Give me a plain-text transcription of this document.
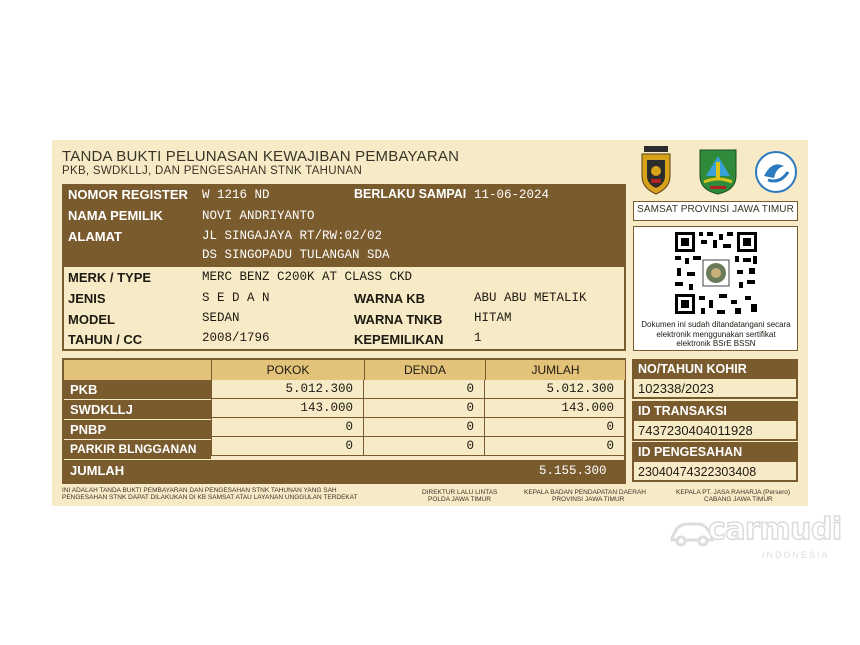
TANDA BUKTI PELUNASAN KEWAJIBAN PEMBAYARAN
PKB, SWDKLLJ, DAN PENGESAHAN STNK TAHUNAN
NOMOR REGISTER W 1216 ND	BERLAKU SAMPAI 11-06-2024
NAMA PEMILIK	NOVI ANDRIYANTO
ALAMAT	JL SINGAJAYA RT/RW:02/02
DS SINGOPADU TULANGAN SDA
MERK / TYPE	MERC BENZ C200K AT CLASS CKD
JENIS	S E D A N	WARNA KB	ABU ABU METALIK
MODEL	SEDAN	WARNA TNKB	HITAM
TAHUN / CC	2008/1796	KEPEMILIKAN 1
POKOK	DENDA	JUMLAH
PKB	5.012.300	0	5.012.300
SWDKLLJ	143.000	0	143.000
PNBP	0	0	0
PARKIR BLNGGANAN	0	0	0
JUMLAH	5.155.300
SAMSAT PROVINSI JAWA TIMUR
Dokumen ini sudah ditandatangani secara elektronik menggunakan sertifikat elektronik BSrE BSSN
NO/TAHUN KOHIR
102338/2023
ID TRANSAKSI
7437230404011928
ID PENGESAHAN
23040474322303408
INI ADALAH TANDA BUKTI PEMBAYARAN DAN PENGESAHAN STNK TAHUNAN YANG SAH
PENGESAHAN STNK DAPAT DILAKUKAN DI KB SAMSAT ATAU LAYANAN UNGGULAN TERDEKAT
DIREKTUR LALU LINTAS
POLDA JAWA TIMUR
KEPALA BADAN PENDAPATAN DAERAH
PROVINSI JAWA TIMUR
KEPALA PT. JASA RAHARJA (Persero)
CABANG JAWA TIMUR
carmudi
INDONESIA
